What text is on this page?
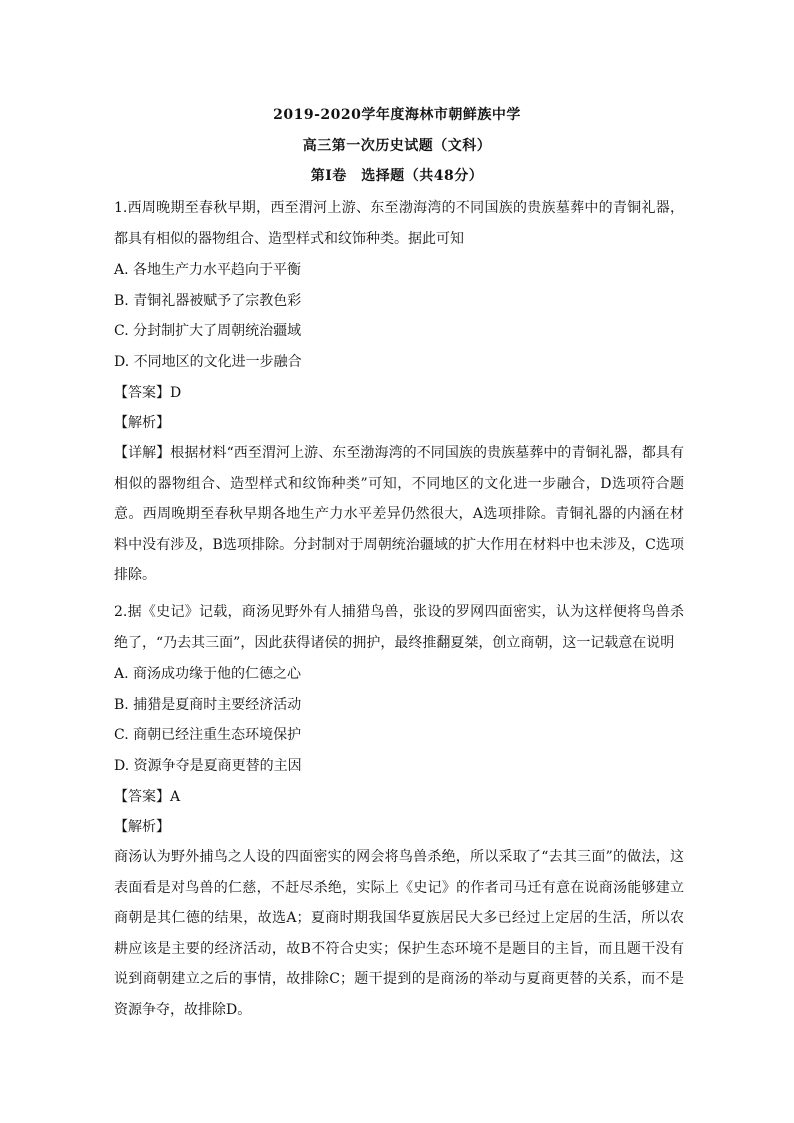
2019-2020学年度海林市朝鲜族中学
高三第一次历史试题（文科）
第Ⅰ卷　选择题（共48分）
1.西周晚期至春秋早期，西至渭河上游、东至渤海湾的不同国族的贵族墓葬中的青铜礼器，都具有相似的器物组合、造型样式和纹饰种类。据此可知
A. 各地生产力水平趋向于平衡
B. 青铜礼器被赋予了宗教色彩
C. 分封制扩大了周朝统治疆域
D. 不同地区的文化进一步融合
【答案】D
【解析】
【详解】根据材料“西至渭河上游、东至渤海湾的不同国族的贵族墓葬中的青铜礼器，都具有相似的器物组合、造型样式和纹饰种类”可知，不同地区的文化进一步融合，D选项符合题意。西周晚期至春秋早期各地生产力水平差异仍然很大，A选项排除。青铜礼器的内涵在材料中没有涉及，B选项排除。分封制对于周朝统治疆域的扩大作用在材料中也未涉及，C选项排除。
2.据《史记》记载，商汤见野外有人捕猎鸟兽，张设的罗网四面密实，认为这样便将鸟兽杀绝了，“乃去其三面”，因此获得诸侯的拥护，最终推翻夏桀，创立商朝，这一记载意在说明
A. 商汤成功缘于他的仁德之心
B. 捕猎是夏商时主要经济活动
C. 商朝已经注重生态环境保护
D. 资源争夺是夏商更替的主因
【答案】A
【解析】
商汤认为野外捕鸟之人设的四面密实的网会将鸟兽杀绝，所以采取了“去其三面”的做法，这表面看是对鸟兽的仁慈，不赶尽杀绝，实际上《史记》的作者司马迁有意在说商汤能够建立商朝是其仁德的结果，故选A；夏商时期我国华夏族居民大多已经过上定居的生活，所以农耕应该是主要的经济活动，故B不符合史实；保护生态环境不是题目的主旨，而且题干没有说到商朝建立之后的事情，故排除C；题干提到的是商汤的举动与夏商更替的关系，而不是资源争夺，故排除D。
